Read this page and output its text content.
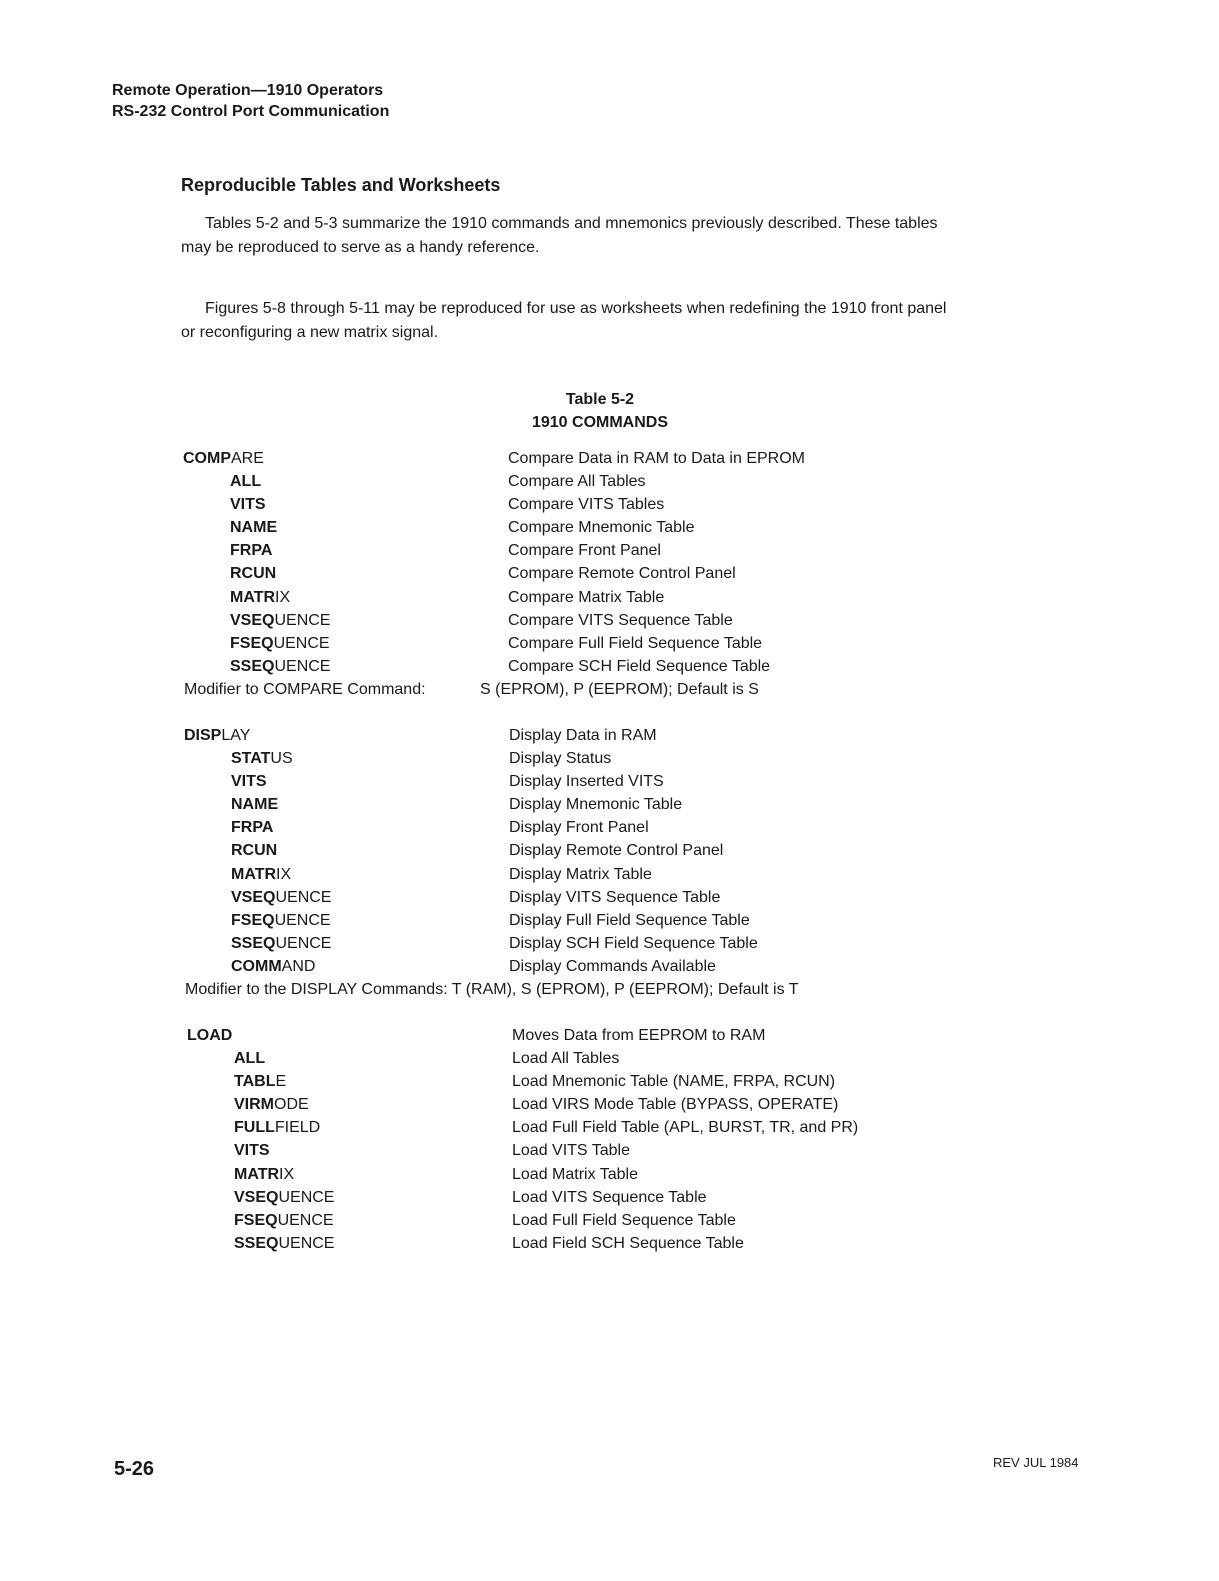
Remote Operation—1910 Operators
RS-232 Control Port Communication
Reproducible Tables and Worksheets
Tables 5-2 and 5-3 summarize the 1910 commands and mnemonics previously described. These tables
may be reproduced to serve as a handy reference.
Figures 5-8 through 5-11 may be reproduced for use as worksheets when redefining the 1910 front panel
or reconfiguring a new matrix signal.
Table 5-2
1910 COMMANDS
COMPARE	Compare Data in RAM to Data in EPROM
ALL	Compare All Tables
VITS	Compare VITS Tables
NAME	Compare Mnemonic Table
FRPA	Compare Front Panel
RCUN	Compare Remote Control Panel
MATRIX	Compare Matrix Table
VSEQUENCE	Compare VITS Sequence Table
FSEQUENCE	Compare Full Field Sequence Table
SSEQUENCE	Compare SCH Field Sequence Table
Modifier to COMPARE Command:	S (EPROM), P (EEPROM); Default is S
DISPLAY	Display Data in RAM
STATUS	Display Status
VITS	Display Inserted VITS
NAME	Display Mnemonic Table
FRPA	Display Front Panel
RCUN	Display Remote Control Panel
MATRIX	Display Matrix Table
VSEQUENCE	Display VITS Sequence Table
FSEQUENCE	Display Full Field Sequence Table
SSEQUENCE	Display SCH Field Sequence Table
COMMAND	Display Commands Available
Modifier to the DISPLAY Commands: T (RAM), S (EPROM), P (EEPROM); Default is T
LOAD	Moves Data from EEPROM to RAM
ALL	Load All Tables
TABLE	Load Mnemonic Table (NAME, FRPA, RCUN)
VIRMODE	Load VIRS Mode Table (BYPASS, OPERATE)
FULLFIELD	Load Full Field Table (APL, BURST, TR, and PR)
VITS	Load VITS Table
MATRIX	Load Matrix Table
VSEQUENCE	Load VITS Sequence Table
FSEQUENCE	Load Full Field Sequence Table
SSEQUENCE	Load Field SCH Sequence Table
5-26	REV JUL 1984
